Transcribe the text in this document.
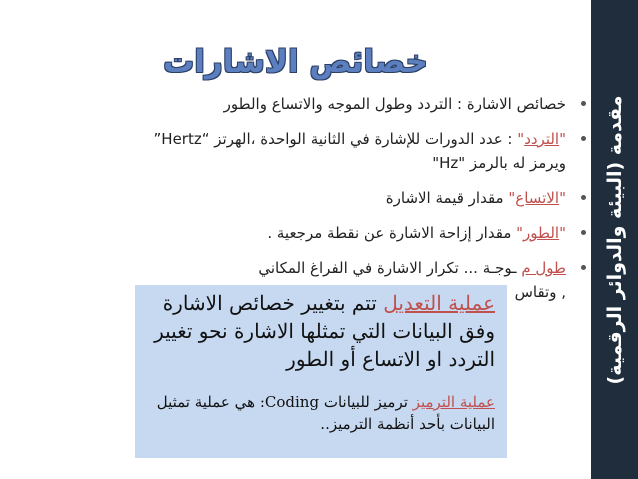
مقدمة (البيئة والدوائر الرقمية)
خصائص الاشارات
خصائص الاشارة : التردد وطول الموجه والاتساع والطور
"التردد" : عدد الدورات للإشارة في الثانية الواحدة ،الهرتز “Hertz”
ويرمز له بالرمز "Hz"
"الاتساع" مقدار قيمة الاشارة
"الطور" مقدار إزاحة الاشارة عن نقطة مرجعية .
طول م ـوجـة ... تكرار الاشارة في الفراغ المكاني
, وتقاس
عملية التعديل تتم بتغيير خصائص الاشارة وفق البيانات التي تمثلها الاشارة نحو تغيير التردد او الاتساع أو الطور
عملية الترميز ترميز للبيانات Coding: هي عملية تمثيل البيانات بأحد أنظمة الترميز..
